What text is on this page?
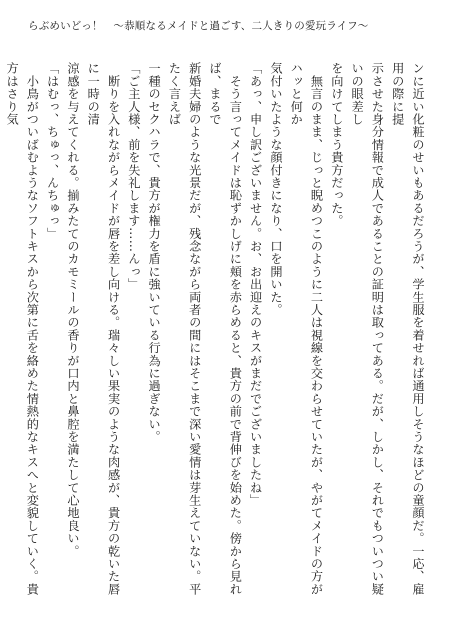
らぶめいどっ！　～恭順なるメイドと過ごす、二人きりの愛玩ライフ～

ンに近い化粧のせいもあるだろうが、学生服を着せれば通用しそうなほどの童顔だ。一応、雇用の際に提

示させた身分情報で成人であることの証明は取ってある。だが、しかし、それでもついつい疑いの眼差し

を向けてしまう貴方だった。

　無言のまま、じっと睨めつこのように二人は視線を交わらせていたが、やがてメイドの方がハッと何か

気付いたような顔付きになり、口を開いた。

「あっ、申し訳ございません。お、お出迎えのキスがまだでございましたね」

　そう言ってメイドは恥ずかしげに頬を赤らめると、貴方の前で背伸びを始めた。傍から見れば、まるで

新婚夫婦のような光景だが、残念ながら両者の間にはそこまで深い愛情は芽生えていない。平たく言えば

一種のセクハラで、貴方が権力を盾に強いている行為に過ぎない。

「ご主人様、前を失礼します……んっ」

　断りを入れながらメイドが唇を差し向ける。瑞々しい果実のような肉感が、貴方の乾いた唇に一時の清

涼感を与えてくれる。揃みたてのカモミールの香りが口内と鼻腔を満たして心地良い。

「はむっ、ちゅっ、んちゅっ」

　小鳥がついばむようなソフトキスから次第に舌を絡めた情熱的なキスへと変貌していく。貴方はさり気
